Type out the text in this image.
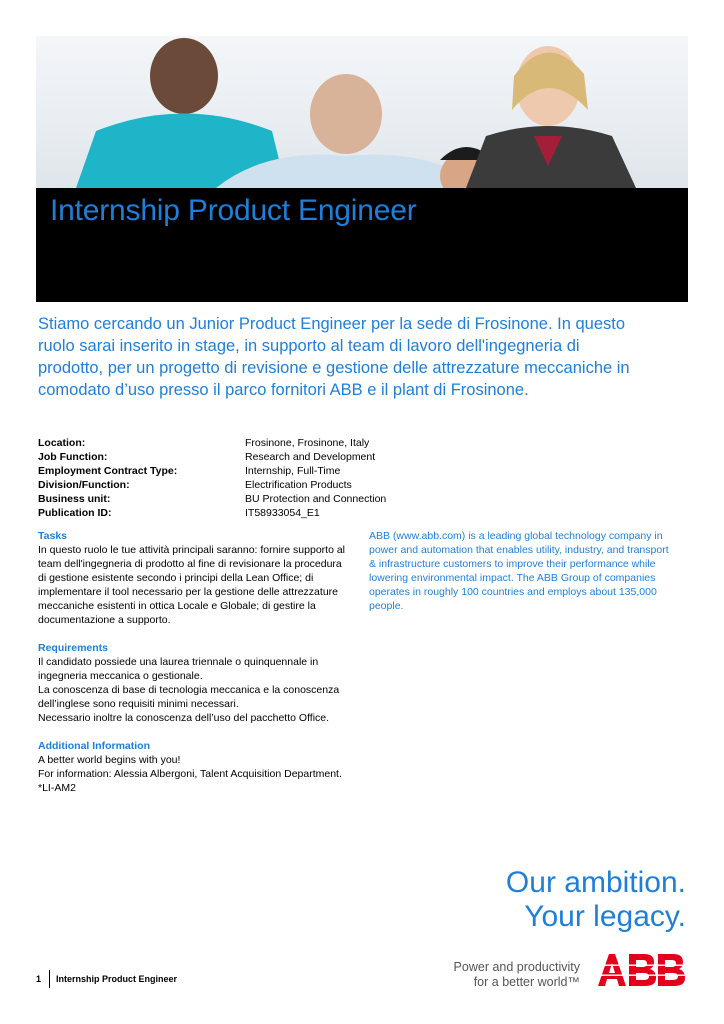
Internship Product Engineer

Stiamo cercando un Junior Product Engineer per la sede di Frosinone. In questo ruolo sarai inserito in stage, in supporto al team di lavoro dell'ingegneria di prodotto, per un progetto di revisione e gestione delle attrezzature meccaniche in comodato d’uso presso il parco fornitori ABB e il plant di Frosinone.

Location:	Frosinone, Frosinone, Italy
Job Function:	Research and Development
Employment Contract Type:	Internship, Full-Time
Division/Function:	Electrification Products
Business unit:	BU Protection and Connection
Publication ID:	IT58933054_E1

Tasks

In questo ruolo le tue attività principali saranno: fornire supporto al team dell'ingegneria di prodotto al fine di revisionare la procedura di gestione esistente secondo i principi della Lean Office; di implementare il tool necessario per la gestione delle attrezzature meccaniche esistenti in ottica Locale e Globale; di gestire la documentazione a supporto.

Requirements

Il candidato possiede una laurea triennale o quinquennale in ingegneria meccanica o gestionale.
La conoscenza di base di tecnologia meccanica e la conoscenza dell’inglese sono requisiti minimi necessari.
Necessario inoltre la conoscenza dell’uso del pacchetto Office.

Additional Information

A better world begins with you!
For information: Alessia Albergoni, Talent Acquisition Department.
*LI-AM2

ABB (www.abb.com) is a leading global technology company in power and automation that enables utility, industry, and transport & infrastructure customers to improve their performance while lowering environmental impact. The ABB Group of companies operates in roughly 100 countries and employs about 135,000 people.

Our ambition.
Your legacy.
1 Internship Product Engineer
Power and productivity
for a better world™
